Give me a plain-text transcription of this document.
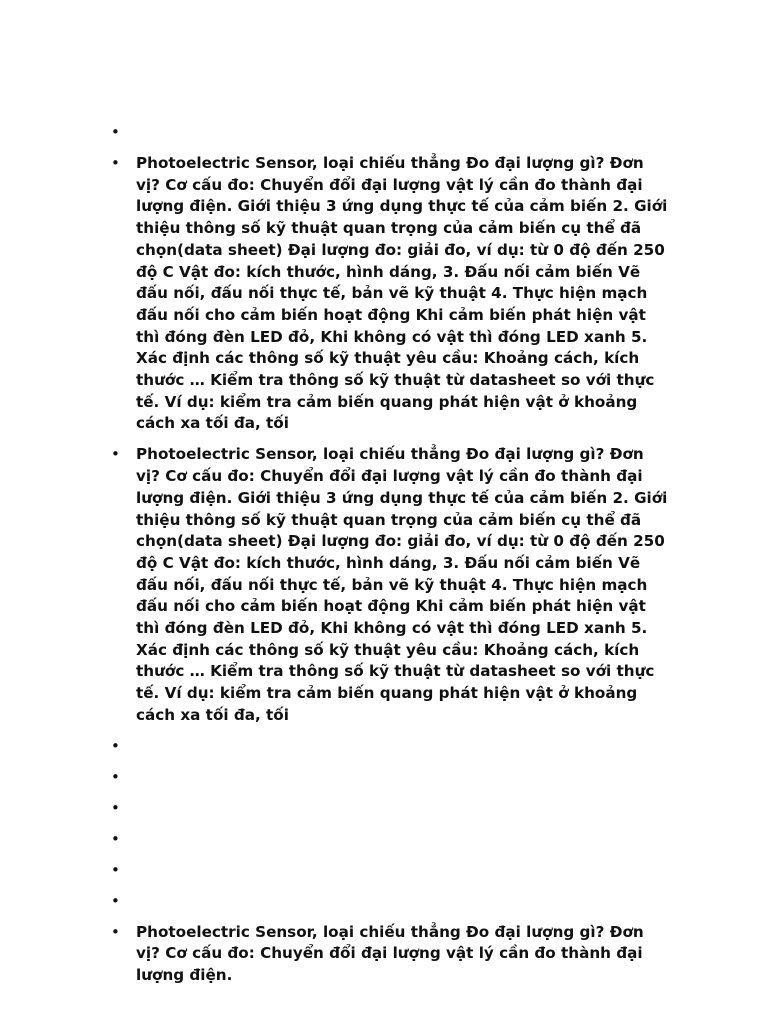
•
• Photoelectric Sensor, loại chiếu thẳng Đo đại lượng gì? Đơn vị? Cơ cấu đo: Chuyển đổi đại lượng vật lý cần đo thành đại lượng điện. Giới thiệu 3 ứng dụng thực tế của cảm biến 2. Giới thiệu thông số kỹ thuật quan trọng của cảm biến cụ thể đã chọn(data sheet) Đại lượng đo: giải đo, ví dụ: từ 0 độ đến 250 độ C Vật đo: kích thước, hình dáng, 3. Đấu nối cảm biến Vẽ đấu nối, đấu nối thực tế, bản vẽ kỹ thuật 4. Thực hiện mạch đấu nối cho cảm biến hoạt động Khi cảm biến phát hiện vật thì đóng đèn LED đỏ, Khi không có vật thì đóng LED xanh 5. Xác định các thông số kỹ thuật yêu cầu: Khoảng cách, kích thước … Kiểm tra thông số kỹ thuật từ datasheet so với thực tế. Ví dụ: kiểm tra cảm biến quang phát hiện vật ở khoảng cách xa tối đa, tối
• Photoelectric Sensor, loại chiếu thẳng Đo đại lượng gì? Đơn vị? Cơ cấu đo: Chuyển đổi đại lượng vật lý cần đo thành đại lượng điện. Giới thiệu 3 ứng dụng thực tế của cảm biến 2. Giới thiệu thông số kỹ thuật quan trọng của cảm biến cụ thể đã chọn(data sheet) Đại lượng đo: giải đo, ví dụ: từ 0 độ đến 250 độ C Vật đo: kích thước, hình dáng, 3. Đấu nối cảm biến Vẽ đấu nối, đấu nối thực tế, bản vẽ kỹ thuật 4. Thực hiện mạch đấu nối cho cảm biến hoạt động Khi cảm biến phát hiện vật thì đóng đèn LED đỏ, Khi không có vật thì đóng LED xanh 5. Xác định các thông số kỹ thuật yêu cầu: Khoảng cách, kích thước … Kiểm tra thông số kỹ thuật từ datasheet so với thực tế. Ví dụ: kiểm tra cảm biến quang phát hiện vật ở khoảng cách xa tối đa, tối
•
•
•
•
•
•
• Photoelectric Sensor, loại chiếu thẳng Đo đại lượng gì? Đơn vị? Cơ cấu đo: Chuyển đổi đại lượng vật lý cần đo thành đại lượng điện.
